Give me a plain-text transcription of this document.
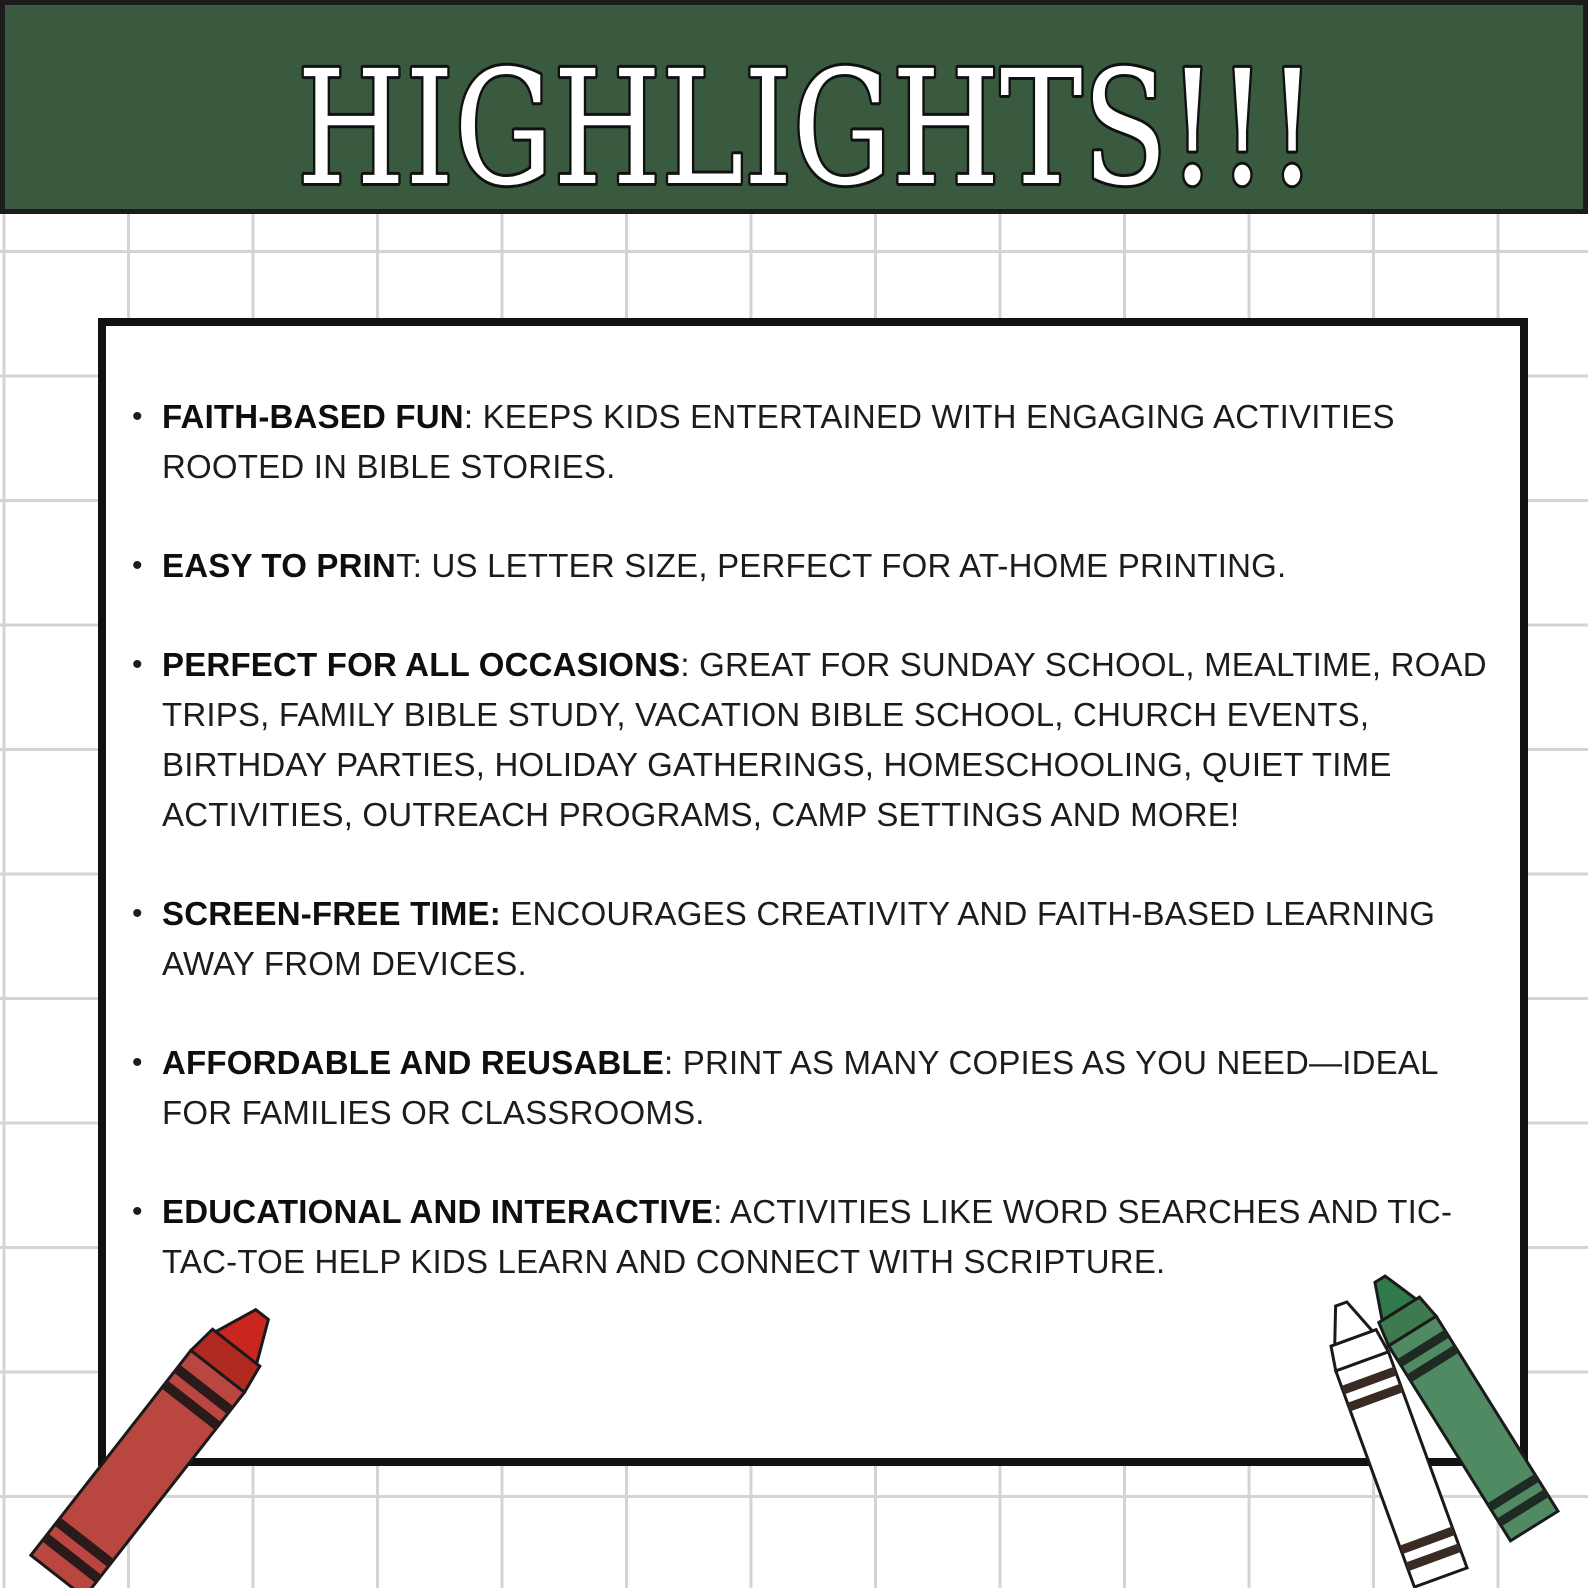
HIGHLIGHTS!!!
• FAITH-BASED FUN: KEEPS KIDS ENTERTAINED WITH ENGAGING ACTIVITIES ROOTED IN BIBLE STORIES.
• EASY TO PRINT: US LETTER SIZE, PERFECT FOR AT-HOME PRINTING.
• PERFECT FOR ALL OCCASIONS: GREAT FOR SUNDAY SCHOOL, MEALTIME, ROAD TRIPS, FAMILY BIBLE STUDY, VACATION BIBLE SCHOOL, CHURCH EVENTS, BIRTHDAY PARTIES, HOLIDAY GATHERINGS, HOMESCHOOLING, QUIET TIME ACTIVITIES, OUTREACH PROGRAMS, CAMP SETTINGS AND MORE!
• SCREEN-FREE TIME: ENCOURAGES CREATIVITY AND FAITH-BASED LEARNING AWAY FROM DEVICES.
• AFFORDABLE AND REUSABLE: PRINT AS MANY COPIES AS YOU NEED—IDEAL FOR FAMILIES OR CLASSROOMS.
• EDUCATIONAL AND INTERACTIVE: ACTIVITIES LIKE WORD SEARCHES AND TIC-TAC-TOE HELP KIDS LEARN AND CONNECT WITH SCRIPTURE.
